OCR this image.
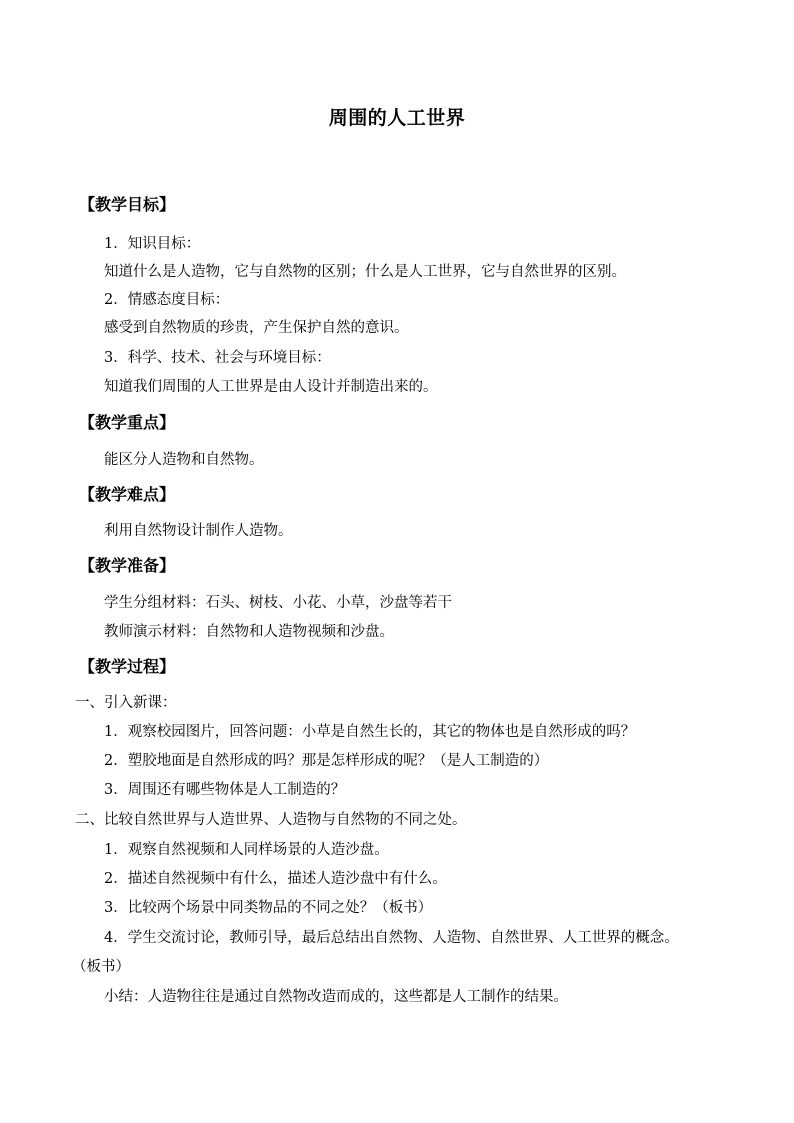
周围的人工世界
【教学目标】
1．知识目标：
知道什么是人造物，它与自然物的区别；什么是人工世界，它与自然世界的区别。
2．情感态度目标：
感受到自然物质的珍贵，产生保护自然的意识。
3．科学、技术、社会与环境目标：
知道我们周围的人工世界是由人设计并制造出来的。
【教学重点】
能区分人造物和自然物。
【教学难点】
利用自然物设计制作人造物。
【教学准备】
学生分组材料：石头、树枝、小花、小草，沙盘等若干
教师演示材料：自然物和人造物视频和沙盘。
【教学过程】
一、引入新课：
1．观察校园图片，回答问题：小草是自然生长的，其它的物体也是自然形成的吗？
2．塑胶地面是自然形成的吗？那是怎样形成的呢？（是人工制造的）
3．周围还有哪些物体是人工制造的？
二、比较自然世界与人造世界、人造物与自然物的不同之处。
1．观察自然视频和人同样场景的人造沙盘。
2．描述自然视频中有什么，描述人造沙盘中有什么。
3．比较两个场景中同类物品的不同之处？（板书）
4．学生交流讨论，教师引导，最后总结出自然物、人造物、自然世界、人工世界的概念。
（板书）
小结：人造物往往是通过自然物改造而成的，这些都是人工制作的结果。
